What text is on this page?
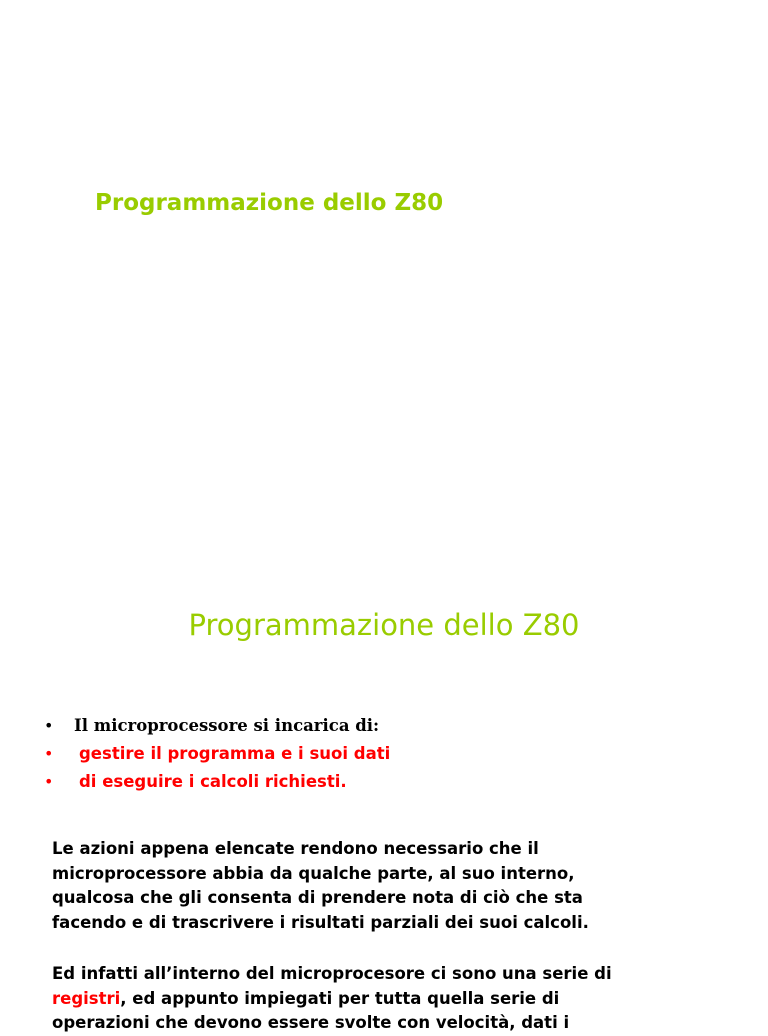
Programmazione dello Z80
Programmazione dello Z80
• Il microprocessore si incarica di:
• gestire il programma e i suoi dati
• di eseguire i calcoli richiesti.
Le azioni appena elencate rendono necessario che il
microprocessore abbia da qualche parte, al suo interno,
qualcosa che gli consenta di prendere nota di ciò che sta
facendo e di trascrivere i risultati parziali dei suoi calcoli.
Ed infatti all’interno del microprocesore ci sono una serie di
registri, ed appunto impiegati per tutta quella serie di
operazioni che devono essere svolte con velocità, dati i
